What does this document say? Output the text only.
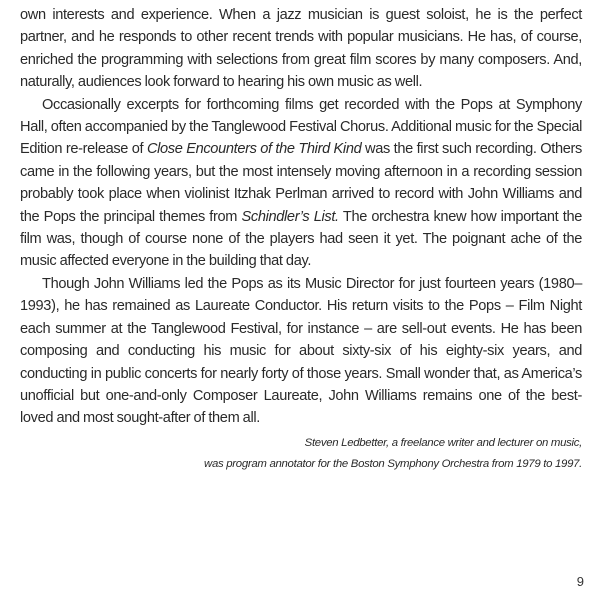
own interests and experience. When a jazz musician is guest soloist, he is the perfect partner, and he responds to other recent trends with popular musicians. He has, of course, enriched the programming with selections from great film scores by many composers. And, naturally, audiences look forward to hearing his own music as well.

Occasionally excerpts for forthcoming films get recorded with the Pops at Symphony Hall, often accompanied by the Tanglewood Festival Chorus. Additional music for the Special Edition re-release of Close Encounters of the Third Kind was the first such recording. Others came in the following years, but the most intensely moving afternoon in a recording session probably took place when violinist Itzhak Perlman arrived to record with John Williams and the Pops the principal themes from Schindler’s List. The orchestra knew how important the film was, though of course none of the players had seen it yet. The poignant ache of the music affected everyone in the building that day.

Though John Williams led the Pops as its Music Director for just fourteen years (1980–1993), he has remained as Laureate Conductor. His return visits to the Pops – Film Night each summer at the Tanglewood Festival, for instance – are sell-out events. He has been composing and conducting his music for about sixty-six of his eighty-six years, and conducting in public concerts for nearly forty of those years. Small wonder that, as America’s unofficial but one-and-only Composer Laureate, John Williams remains one of the best-loved and most sought-after of them all.

Steven Ledbetter, a freelance writer and lecturer on music,
was program annotator for the Boston Symphony Orchestra from 1979 to 1997.
9
